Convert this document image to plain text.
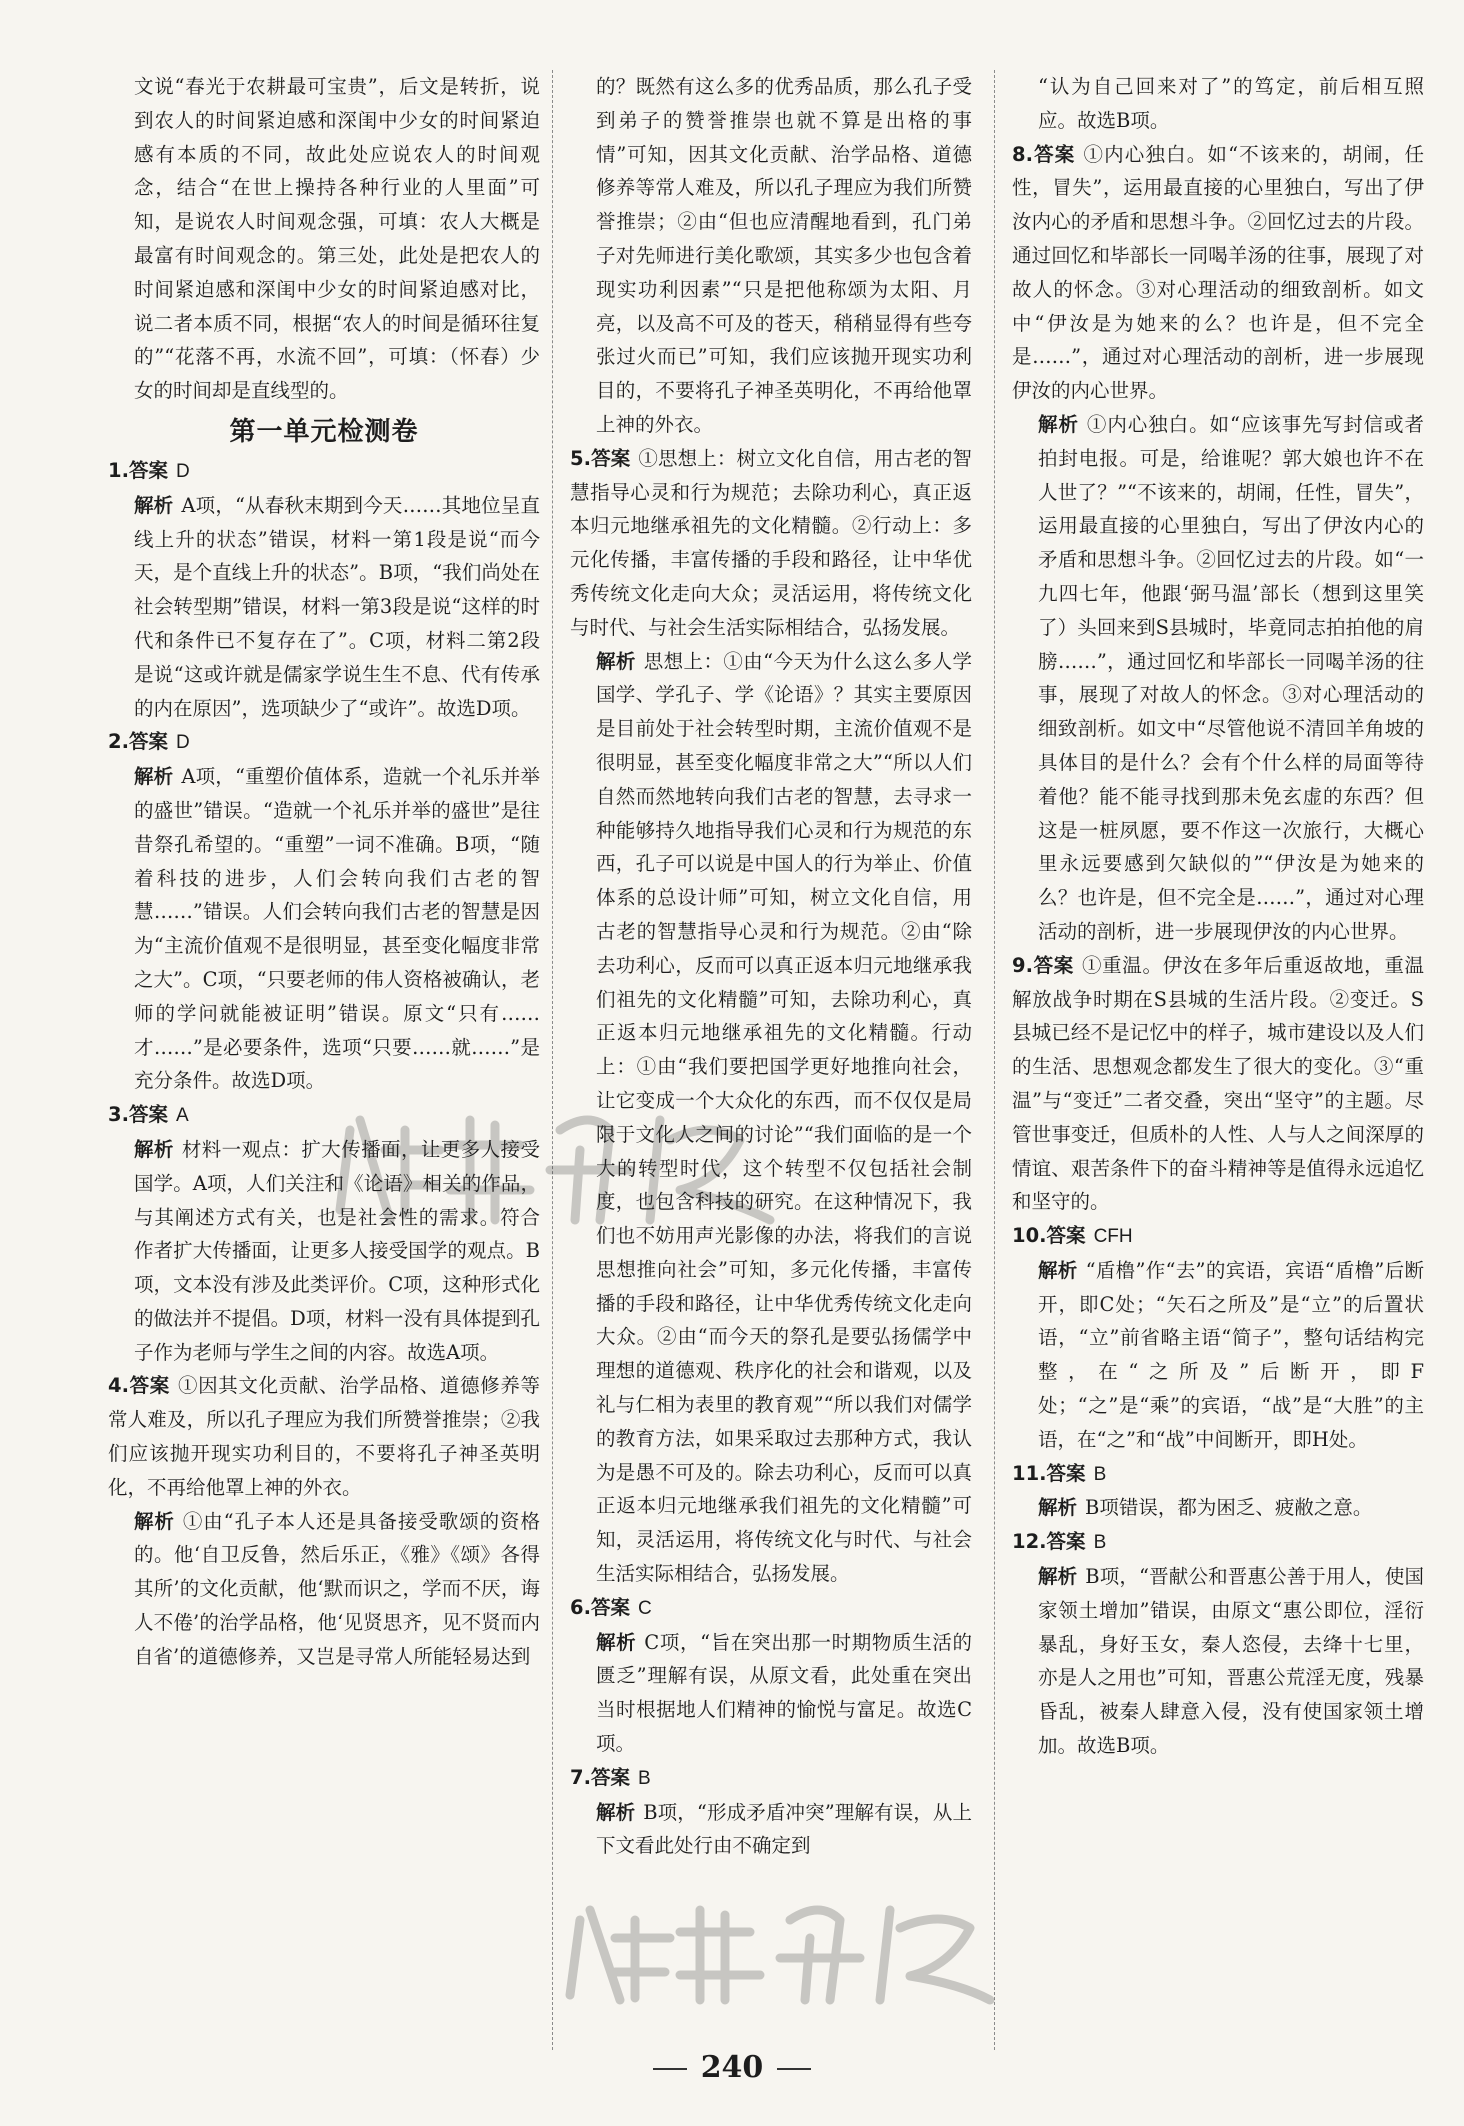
文说“春光于农耕最可宝贵”，后文是转折，说到农人的时间紧迫感和深闺中少女的时间紧迫感有本质的不同，故此处应说农人的时间观念，结合“在世上操持各种行业的人里面”可知，是说农人时间观念强，可填：农人大概是最富有时间观念的。第三处，此处是把农人的时间紧迫感和深闺中少女的时间紧迫感对比，说二者本质不同，根据“农人的时间是循环往复的”“花落不再，水流不回”，可填：（怀春）少女的时间却是直线型的。

第一单元检测卷

1.答案 D

解析 A项，“从春秋末期到今天……其地位呈直线上升的状态”错误，材料一第1段是说“而今天，是个直线上升的状态”。B项，“我们尚处在社会转型期”错误，材料一第3段是说“这样的时代和条件已不复存在了”。C项，材料二第2段是说“这或许就是儒家学说生生不息、代有传承的内在原因”，选项缺少了“或许”。故选D项。

2.答案 D

解析 A项，“重塑价值体系，造就一个礼乐并举的盛世”错误。“造就一个礼乐并举的盛世”是往昔祭孔希望的。“重塑”一词不准确。B项，“随着科技的进步，人们会转向我们古老的智慧……”错误。人们会转向我们古老的智慧是因为“主流价值观不是很明显，甚至变化幅度非常之大”。C项，“只要老师的伟人资格被确认，老师的学问就能被证明”错误。原文“只有……才……”是必要条件，选项“只要……就……”是充分条件。故选D项。

3.答案 A

解析 材料一观点：扩大传播面，让更多人接受国学。A项，人们关注和《论语》相关的作品，与其阐述方式有关，也是社会性的需求。符合作者扩大传播面，让更多人接受国学的观点。B项，文本没有涉及此类评价。C项，这种形式化的做法并不提倡。D项，材料一没有具体提到孔子作为老师与学生之间的内容。故选A项。

4.答案 ①因其文化贡献、治学品格、道德修养等常人难及，所以孔子理应为我们所赞誉推崇；②我们应该抛开现实功利目的，不要将孔子神圣英明化，不再给他罩上神的外衣。

解析 ①由“孔子本人还是具备接受歌颂的资格的。他‘自卫反鲁，然后乐正，《雅》《颂》各得其所’的文化贡献，他‘默而识之，学而不厌，诲人不倦’的治学品格，他‘见贤思齐，见不贤而内自省’的道德修养，又岂是寻常人所能轻易达到

的？既然有这么多的优秀品质，那么孔子受到弟子的赞誉推崇也就不算是出格的事情”可知，因其文化贡献、治学品格、道德修养等常人难及，所以孔子理应为我们所赞誉推崇；②由“但也应清醒地看到，孔门弟子对先师进行美化歌颂，其实多少也包含着现实功利因素”“只是把他称颂为太阳、月亮，以及高不可及的苍天，稍稍显得有些夸张过火而已”可知，我们应该抛开现实功利目的，不要将孔子神圣英明化，不再给他罩上神的外衣。

5.答案 ①思想上：树立文化自信，用古老的智慧指导心灵和行为规范；去除功利心，真正返本归元地继承祖先的文化精髓。②行动上：多元化传播，丰富传播的手段和路径，让中华优秀传统文化走向大众；灵活运用，将传统文化与时代、与社会生活实际相结合，弘扬发展。

解析 思想上：①由“今天为什么这么多人学国学、学孔子、学《论语》？其实主要原因是目前处于社会转型时期，主流价值观不是很明显，甚至变化幅度非常之大”“所以人们自然而然地转向我们古老的智慧，去寻求一种能够持久地指导我们心灵和行为规范的东西，孔子可以说是中国人的行为举止、价值体系的总设计师”可知，树立文化自信，用古老的智慧指导心灵和行为规范。②由“除去功利心，反而可以真正返本归元地继承我们祖先的文化精髓”可知，去除功利心，真正返本归元地继承祖先的文化精髓。行动上：①由“我们要把国学更好地推向社会，让它变成一个大众化的东西，而不仅仅是局限于文化人之间的讨论”“我们面临的是一个大的转型时代，这个转型不仅包括社会制度，也包含科技的研究。在这种情况下，我们也不妨用声光影像的办法，将我们的言说思想推向社会”可知，多元化传播，丰富传播的手段和路径，让中华优秀传统文化走向大众。②由“而今天的祭孔是要弘扬儒学中理想的道德观、秩序化的社会和谐观，以及礼与仁相为表里的教育观”“所以我们对儒学的教育方法，如果采取过去那种方式，我认为是愚不可及的。除去功利心，反而可以真正返本归元地继承我们祖先的文化精髓”可知，灵活运用，将传统文化与时代、与社会生活实际相结合，弘扬发展。

6.答案 C

解析 C项，“旨在突出那一时期物质生活的匮乏”理解有误，从原文看，此处重在突出当时根据地人们精神的愉悦与富足。故选C项。

7.答案 B

解析 B项，“形成矛盾冲突”理解有误，从上下文看此处行由不确定到

“认为自己回来对了”的笃定，前后相互照应。故选B项。

8.答案 ①内心独白。如“不该来的，胡闹，任性，冒失”，运用最直接的心里独白，写出了伊汝内心的矛盾和思想斗争。②回忆过去的片段。通过回忆和毕部长一同喝羊汤的往事，展现了对故人的怀念。③对心理活动的细致剖析。如文中“伊汝是为她来的么？也许是，但不完全是……”，通过对心理活动的剖析，进一步展现伊汝的内心世界。

解析 ①内心独白。如“应该事先写封信或者拍封电报。可是，给谁呢？郭大娘也许不在人世了？”“不该来的，胡闹，任性，冒失”，运用最直接的心里独白，写出了伊汝内心的矛盾和思想斗争。②回忆过去的片段。如“一九四七年，他跟‘弼马温’部长（想到这里笑了）头回来到S县城时，毕竟同志拍拍他的肩膀……”，通过回忆和毕部长一同喝羊汤的往事，展现了对故人的怀念。③对心理活动的细致剖析。如文中“尽管他说不清回羊角坡的具体目的是什么？会有个什么样的局面等待着他？能不能寻找到那未免玄虚的东西？但这是一桩夙愿，要不作这一次旅行，大概心里永远要感到欠缺似的”“伊汝是为她来的么？也许是，但不完全是……”，通过对心理活动的剖析，进一步展现伊汝的内心世界。

9.答案 ①重温。伊汝在多年后重返故地，重温解放战争时期在S县城的生活片段。②变迁。S县城已经不是记忆中的样子，城市建设以及人们的生活、思想观念都发生了很大的变化。③“重温”与“变迁”二者交叠，突出“坚守”的主题。尽管世事变迁，但质朴的人性、人与人之间深厚的情谊、艰苦条件下的奋斗精神等是值得永远追忆和坚守的。

10.答案 CFH

解析 “盾橹”作“去”的宾语，宾语“盾橹”后断开，即C处；“矢石之所及”是“立”的后置状语，“立”前省略主语“简子”，整句话结构完整，在“之所及”后断开，即F处；“之”是“乘”的宾语，“战”是“大胜”的主语，在“之”和“战”中间断开，即H处。

11.答案 B

解析 B项错误，都为困乏、疲敝之意。

12.答案 B

解析 B项，“晋献公和晋惠公善于用人，使国家领土增加”错误，由原文“惠公即位，淫衍暴乱，身好玉女，秦人恣侵，去绛十七里，亦是人之用也”可知，晋惠公荒淫无度，残暴昏乱，被秦人肆意入侵，没有使国家领土增加。故选B项。

240
